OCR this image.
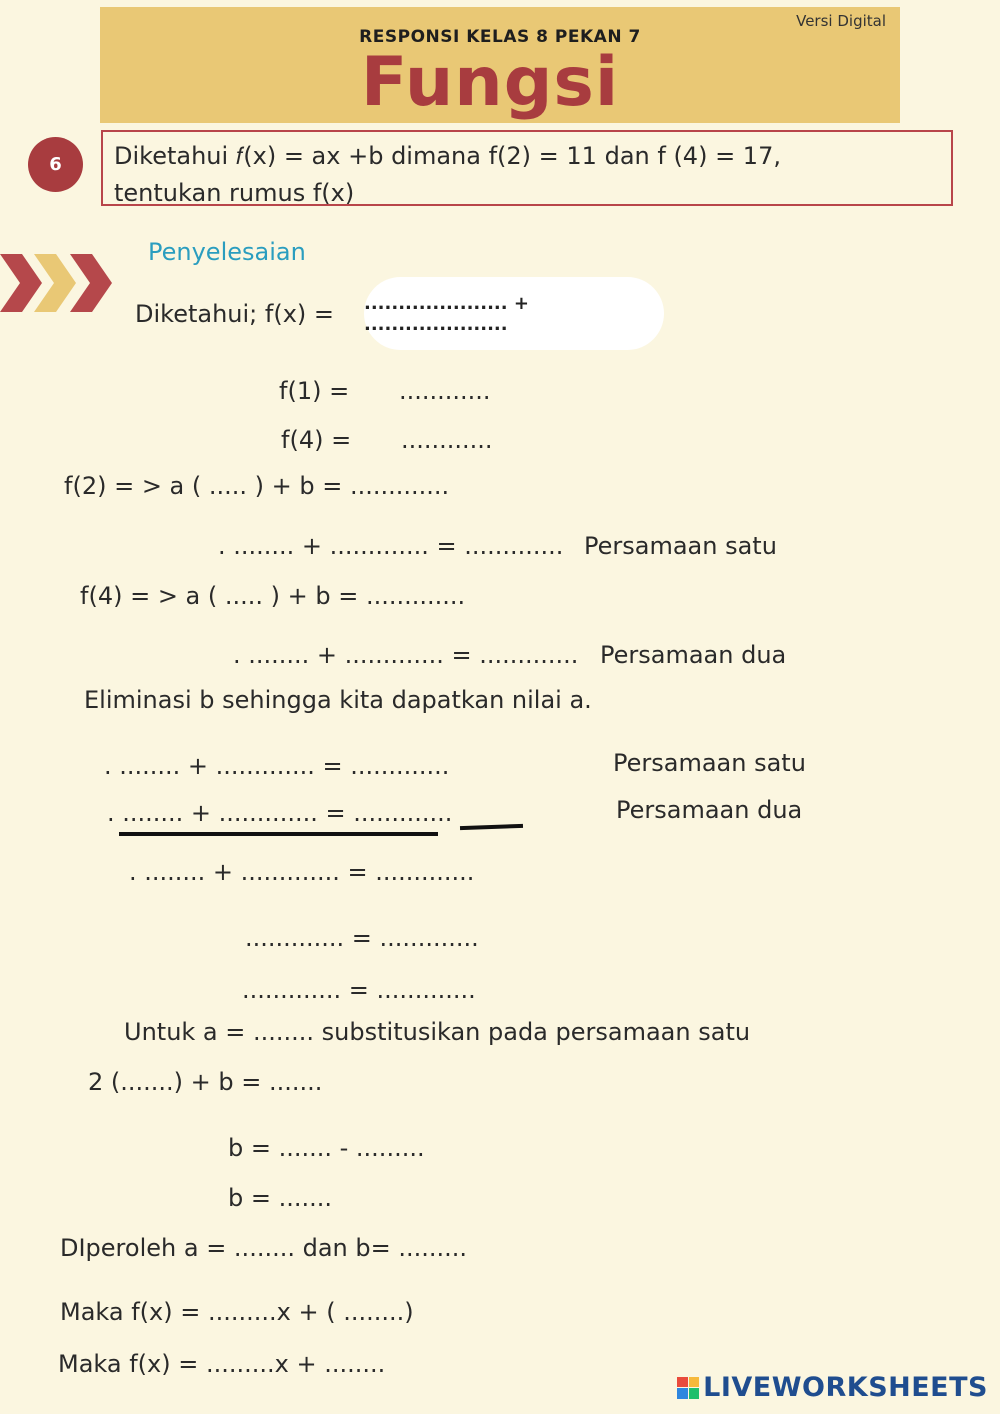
Versi Digital
RESPONSI KELAS 8 PEKAN 7
Fungsi
6	Diketahui 𝑓(x) = ax +b dimana f(2) = 11 dan f (4) = 17,
tentukan rumus f(x)
Penyelesaian
Diketahui; f(x) = ..................... + .....................
f(1) = ............
f(4) = ............
f(2) = > a ( ..... ) + b = .............
. ........ + ............. = ............. Persamaan satu
f(4) = > a ( ..... ) + b = .............
. ........ + ............. = ............. Persamaan dua
Eliminasi b sehingga kita dapatkan nilai a.
. ........ + ............. = .............	Persamaan satu
. ........ + ............. = .............	Persamaan dua
. ........ + ............. = .............
............. = .............
............. = .............
Untuk a = ........ substitusikan pada persamaan satu
2 (.......) + b = .......
b = ....... - .........
b = .......
DIperoleh a = ........ dan b= .........
Maka f(x) = .........x + ( ........)
Maka f(x) = .........x + ........
LIVEWORKSHEETS
